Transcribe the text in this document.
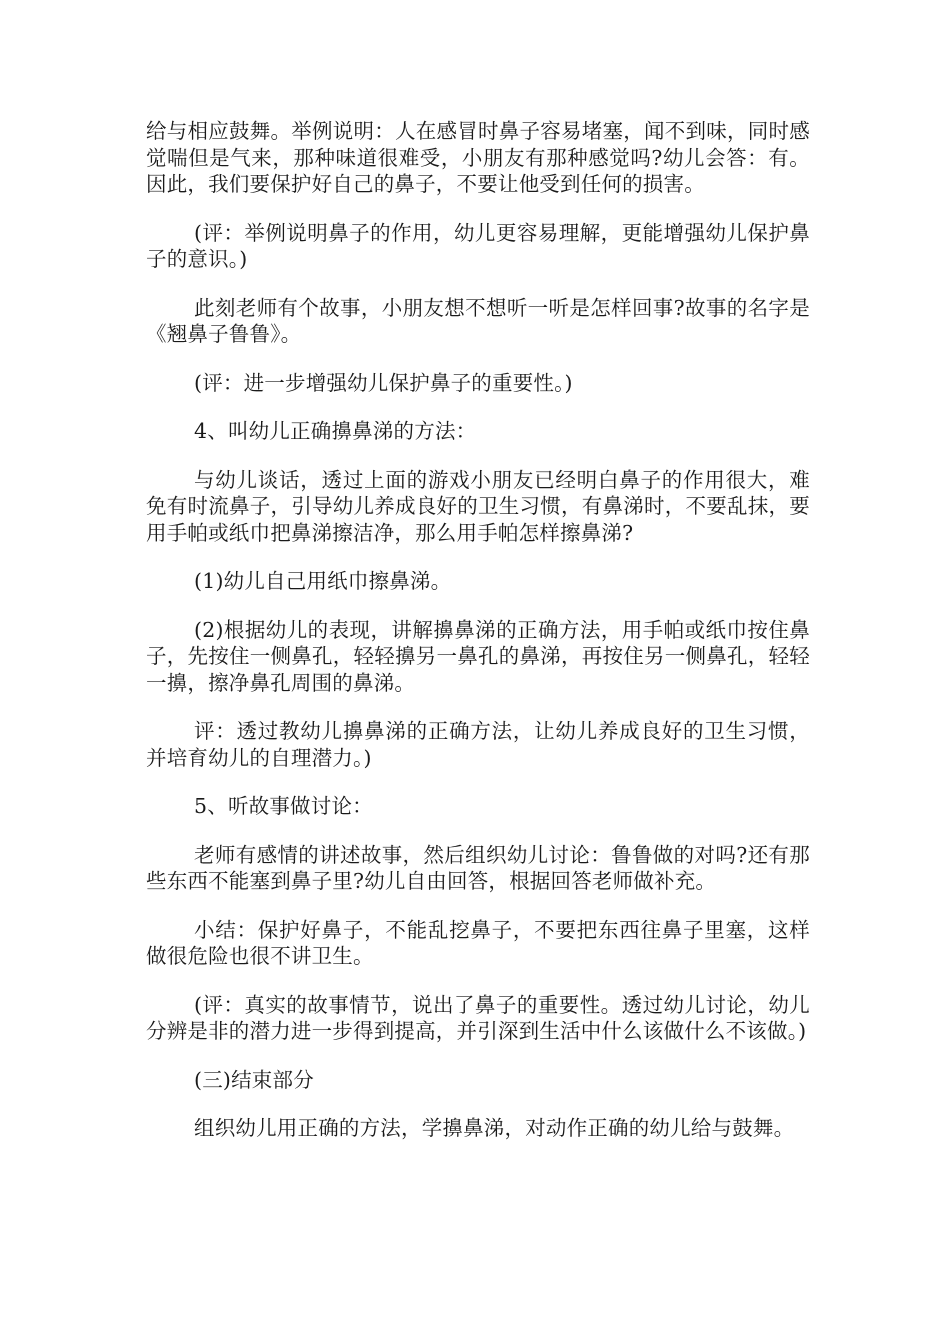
给与相应鼓舞。举例说明：人在感冒时鼻子容易堵塞，闻不到味，同时感觉喘但是气来，那种味道很难受，小朋友有那种感觉吗?幼儿会答：有。因此，我们要保护好自己的鼻子，不要让他受到任何的损害。

(评：举例说明鼻子的作用，幼儿更容易理解，更能增强幼儿保护鼻子的意识。)

此刻老师有个故事，小朋友想不想听一听是怎样回事?故事的名字是《翘鼻子鲁鲁》。

(评：进一步增强幼儿保护鼻子的重要性。)

4、叫幼儿正确擤鼻涕的方法：

与幼儿谈话，透过上面的游戏小朋友已经明白鼻子的作用很大，难免有时流鼻子，引导幼儿养成良好的卫生习惯，有鼻涕时，不要乱抹，要用手帕或纸巾把鼻涕擦洁净，那么用手帕怎样擦鼻涕?

(1)幼儿自己用纸巾擦鼻涕。

(2)根据幼儿的表现，讲解擤鼻涕的正确方法，用手帕或纸巾按住鼻子，先按住一侧鼻孔，轻轻擤另一鼻孔的鼻涕，再按住另一侧鼻孔，轻轻一擤，擦净鼻孔周围的鼻涕。

评：透过教幼儿擤鼻涕的正确方法，让幼儿养成良好的卫生习惯，并培育幼儿的自理潜力。)

5、听故事做讨论：

老师有感情的讲述故事，然后组织幼儿讨论：鲁鲁做的对吗?还有那些东西不能塞到鼻子里?幼儿自由回答，根据回答老师做补充。

小结：保护好鼻子，不能乱挖鼻子，不要把东西往鼻子里塞，这样做很危险也很不讲卫生。

(评：真实的故事情节，说出了鼻子的重要性。透过幼儿讨论，幼儿分辨是非的潜力进一步得到提高，并引深到生活中什么该做什么不该做。)

(三)结束部分

组织幼儿用正确的方法，学擤鼻涕，对动作正确的幼儿给与鼓舞。
